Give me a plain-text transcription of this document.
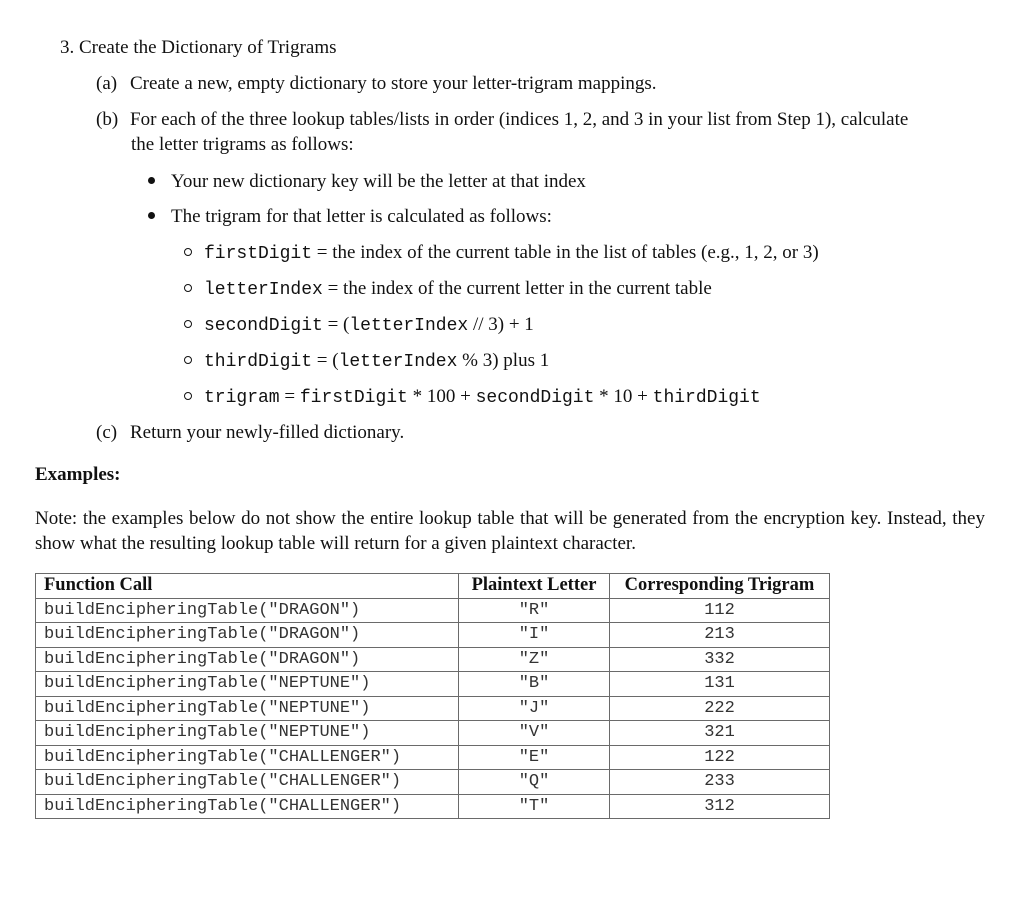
3. Create the Dictionary of Trigrams
(a) Create a new, empty dictionary to store your letter-trigram mappings.
(b) For each of the three lookup tables/lists in order (indices 1, 2, and 3 in your list from Step 1), calculate
the letter trigrams as follows:
Your new dictionary key will be the letter at that index
The trigram for that letter is calculated as follows:
firstDigit = the index of the current table in the list of tables (e.g., 1, 2, or 3)
letterIndex = the index of the current letter in the current table
secondDigit = (letterIndex // 3) + 1
thirdDigit = (letterIndex % 3) plus 1
trigram = firstDigit * 100 + secondDigit * 10 + thirdDigit
(c) Return your newly-filled dictionary.
Examples:
Note: the examples below do not show the entire lookup table that will be generated from the encryption key. Instead, they show what the resulting lookup table will return for a given plaintext character.
Function Call	Plaintext Letter	Corresponding Trigram
buildEncipheringTable("DRAGON")	"R"	112
buildEncipheringTable("DRAGON")	"I"	213
buildEncipheringTable("DRAGON")	"Z"	332
buildEncipheringTable("NEPTUNE")	"B"	131
buildEncipheringTable("NEPTUNE")	"J"	222
buildEncipheringTable("NEPTUNE")	"V"	321
buildEncipheringTable("CHALLENGER")	"E"	122
buildEncipheringTable("CHALLENGER")	"Q"	233
buildEncipheringTable("CHALLENGER")	"T"	312
